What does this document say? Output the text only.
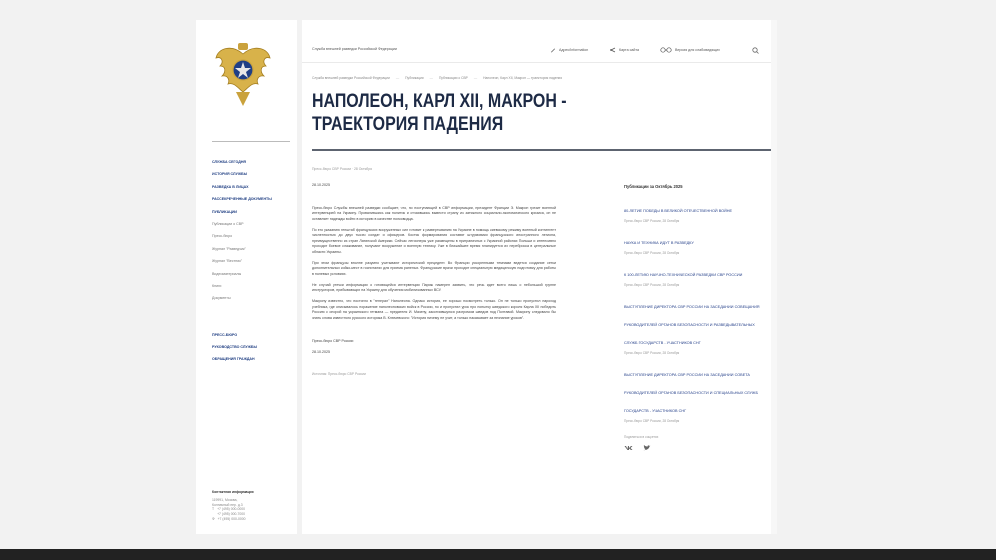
СЛУЖБА СЕГОДНЯ
ИСТОРИЯ СЛУЖБЫ
РАЗВЕДКА В ЛИЦАХ
РАССЕКРЕЧЕННЫЕ ДОКУМЕНТЫ
ПУБЛИКАЦИИ
Публикации о СВР
Пресс-бюро
Журнал "Разведчик"
Журнал "Вестник"
Видеоматериалы
Книги
Документы
ПРЕСС-БЮРО
РУКОВОДСТВО СЛУЖБЫ
ОБРАЩЕНИЯ ГРАЖДАН
Контактная информация
119991, Москва,
Колпачный пер. д.3
Т +7 (495) 000-0000
+7 (495) 000-7000
Ф +7 (495) 000-0000
Служба внешней разведки Российской Федерации	Адрес/Information	Карта сайта	Версия для слабовидящих
Служба внешней разведки Российской Федерации — Публикации — Публикации о СВР — Наполеон, Карл XII, Макрон — траектория падения
НАПОЛЕОН, КАРЛ XII, МАКРОН - ТРАЕКТОРИЯ ПАДЕНИЯ
Пресс-бюро СВР России · 28 Октября

28.10.2025

Пресс-бюро Службы внешней разведки сообщает, что, по поступающей в СВР информации, президент Франции Э. Макрон грезит военной интервенцией на Украину. Провалившись как политик и отчаявшись вывести страну из затяжного социально-экономического кризиса, он не оставляет надежды войти в историю в качестве полководца.

По его указанию генштаб французских вооруженных сил готовит к развертыванию на Украине в помощь киевскому режиму военный контингент численностью до двух тысяч солдат и офицеров. Костяк формирования составят штурмовики французского иностранного легиона, преимущественно из стран Латинской Америки. Сейчас легионеры уже размещены в приграничных с Украиной районах Польши и интенсивно проходят боевое слаживание, получают вооружение и военную технику. Уже в ближайшее время планируется их переброска в центральные области Украины.

При этом французы вполне разумно учитывают исторический прецедент. Во Франции ускоренными темпами ведется создание сетки дополнительных койко-мест в госпиталях для приема раненых. Французские врачи проходят специальную медицинскую подготовку для работы в полевых условиях.

Не случай утечки информации о готовящейся интервенции Париж намерен заявить, что речь идет всего лишь о небольшой группе инструкторов, прибывающих на Украину для обучения мобилизованных ВСУ.

Макрону известно, что постигло в "генерал" Наполеона. Однако история, ее хорошо посмотреть только. Он не только пропустил пароход учебника, где описывалось поражение наполеоновских войск в России, но и пропустил урок про попытку шведского короля Карла XII победить Россию с опорой на украинского гетмана — предателя И. Мазепу, закончившуюся разгромом шведов под Полтавой. Макрону следовало бы знать слова известного русского историка В. Ключевского: "История ничему не учит, а только наказывает за незнание уроков".

Пресс-бюро СВР России

28.10.2025

Источник: Пресс-бюро СВР России

Публикации за Октябрь 2025
80-ЛЕТИЕ ПОБЕДЫ В ВЕЛИКОЙ ОТЕЧЕСТВЕННОЙ ВОЙНЕ
Пресс-бюро СВР России, 28 Октября
НАУКА И ТЕХНИКА ИДУТ В РАЗВЕДКУ
Пресс-бюро СВР России, 28 Октября
К 100-ЛЕТИЮ НАУЧНО-ТЕХНИЧЕСКОЙ РАЗВЕДКИ СВР РОССИИ
Пресс-бюро СВР России, 28 Октября
ВЫСТУПЛЕНИЕ ДИРЕКТОРА СВР РОССИИ НА ЗАСЕДАНИИ СОВЕЩАНИЯ РУКОВОДИТЕЛЕЙ ОРГАНОВ БЕЗОПАСНОСТИ И РАЗВЕДЫВАТЕЛЬНЫХ СЛУЖБ ГОСУДАРСТВ - УЧАСТНИКОВ СНГ
Пресс-бюро СВР России, 28 Октября
ВЫСТУПЛЕНИЕ ДИРЕКТОРА СВР РОССИИ НА ЗАСЕДАНИИ СОВЕТА РУКОВОДИТЕЛЕЙ ОРГАНОВ БЕЗОПАСНОСТИ И СПЕЦИАЛЬНЫХ СЛУЖБ ГОСУДАРСТВ - УЧАСТНИКОВ СНГ
Пресс-бюро СВР России, 28 Октября
Поделиться в соцсетях
